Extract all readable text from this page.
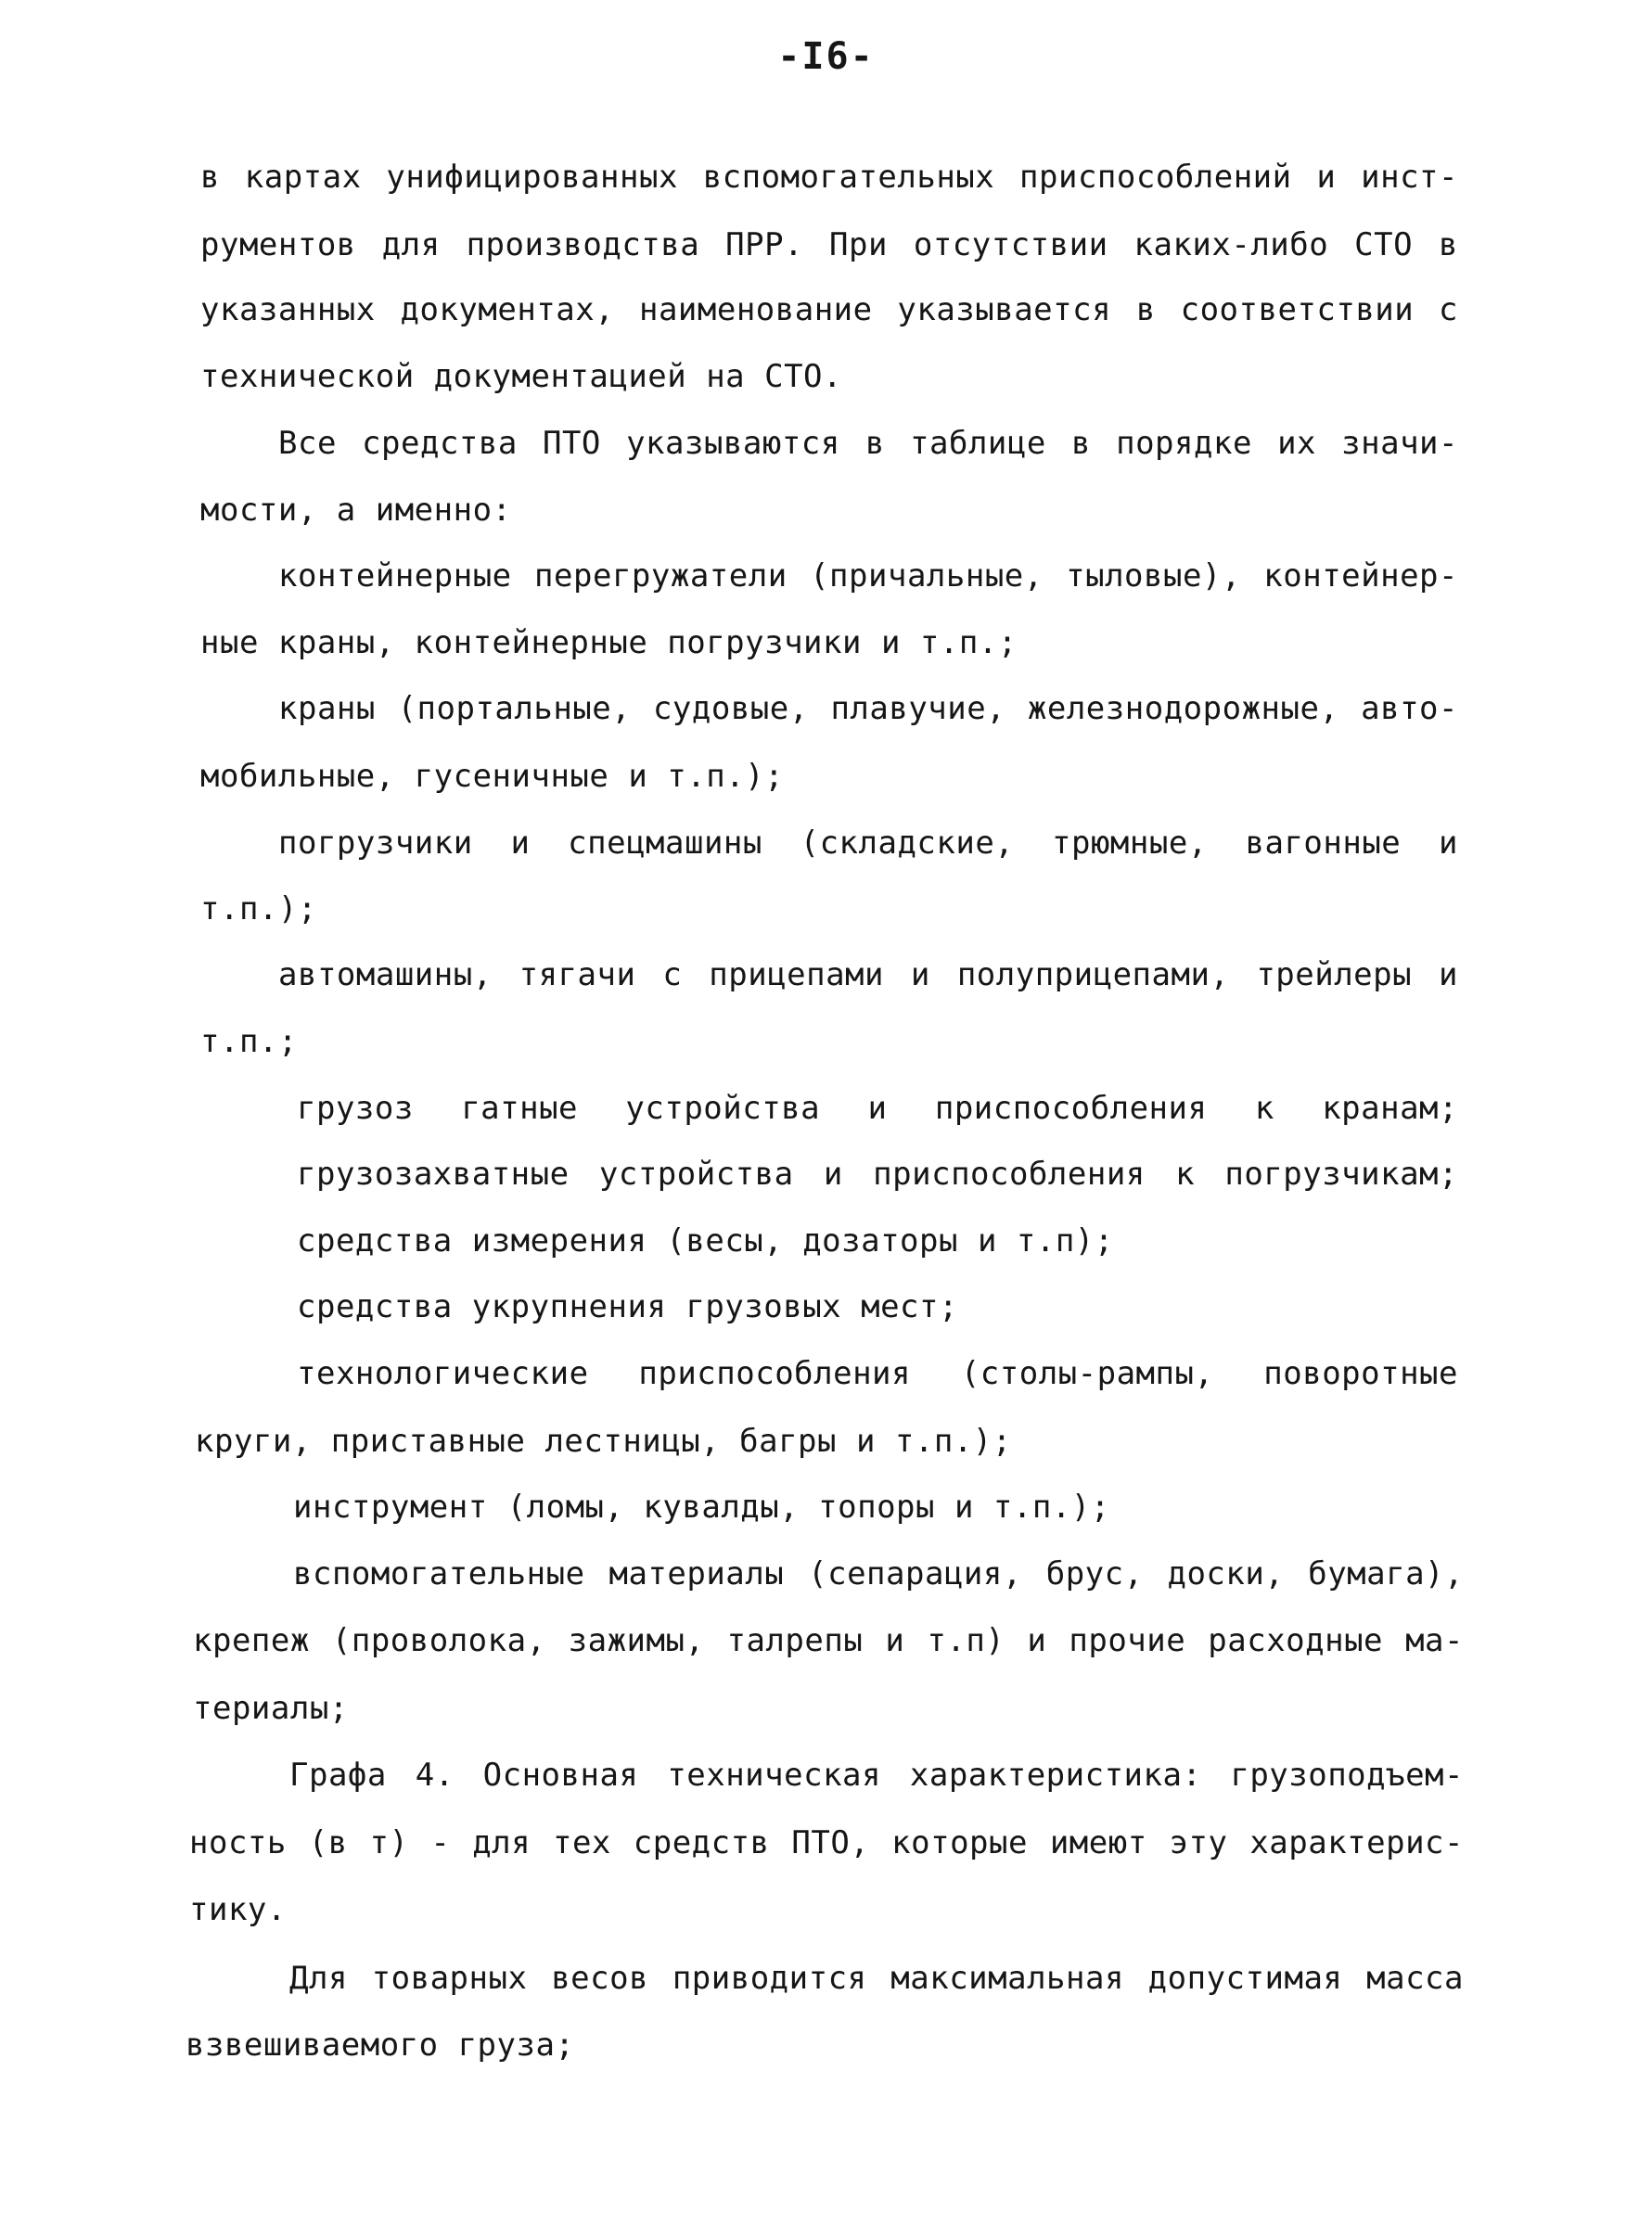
-I6-
в картах унифицированных вспомогательных приспособлений и инст-
рументов для производства ПРР. При отсутствии каких-либо СТО в
указанных документах, наименование указывается в соответствии с
технической документацией на СТО.
Все средства ПТО указываются в таблице в порядке их значи-
мости, а именно:
контейнерные перегружатели (причальные, тыловые), контейнер-
ные краны, контейнерные погрузчики и т.п.;
краны (портальные, судовые, плавучие, железнодорожные, авто-
мобильные, гусеничные и т.п.);
погрузчики и спецмашины (складские, трюмные, вагонные и
т.п.);
автомашины, тягачи с прицепами и полуприцепами, трейлеры и
т.п.;
грузоз гатные устройства и приспособления к кранам;
грузозахватные устройства и приспособления к погрузчикам;
средства измерения (весы, дозаторы и т.п);
средства укрупнения грузовых мест;
технологические приспособления (столы-рампы, поворотные
круги, приставные лестницы, багры и т.п.);
инструмент (ломы, кувалды, топоры и т.п.);
вспомогательные материалы (сепарация, брус, доски, бумага),
крепеж (проволока, зажимы, талрепы и т.п) и прочие расходные ма-
териалы;
Графа 4. Основная техническая характеристика: грузоподъем-
ность (в т) - для тех средств ПТО, которые имеют эту характерис-
тику.
Для товарных весов приводится максимальная допустимая масса
взвешиваемого груза;
